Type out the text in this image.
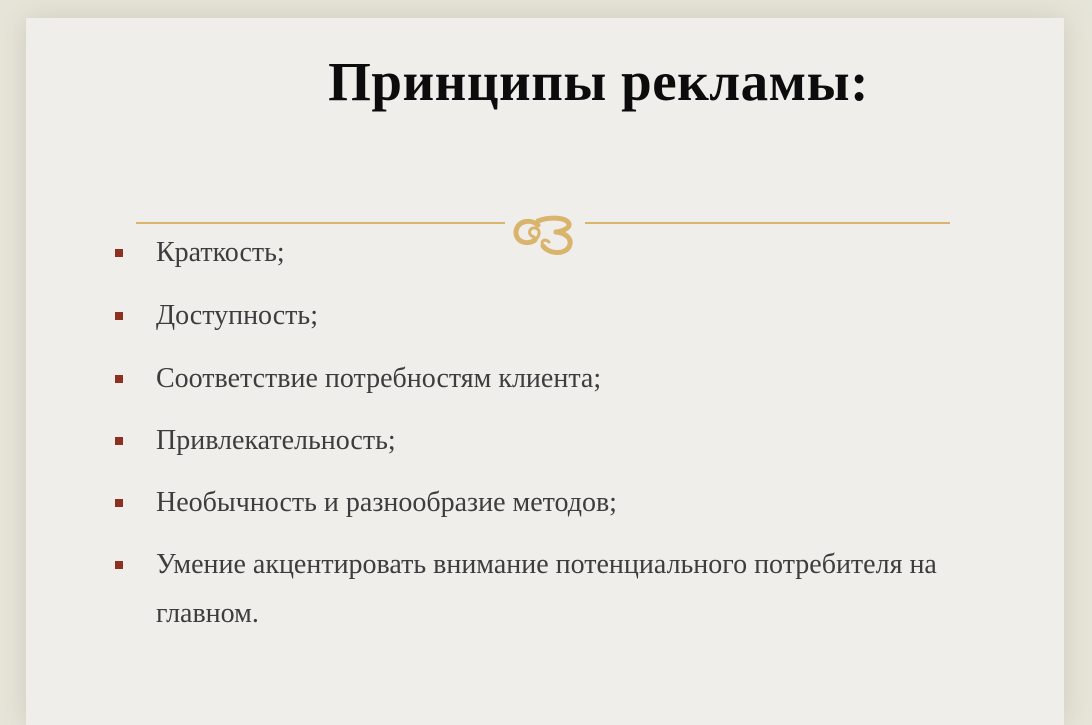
Принципы рекламы:
Краткость;
Доступность;
Соответствие потребностям клиента;
Привлекательность;
Необычность и разнообразие методов;
Умение акцентировать внимание потенциального потребителя на главном.
